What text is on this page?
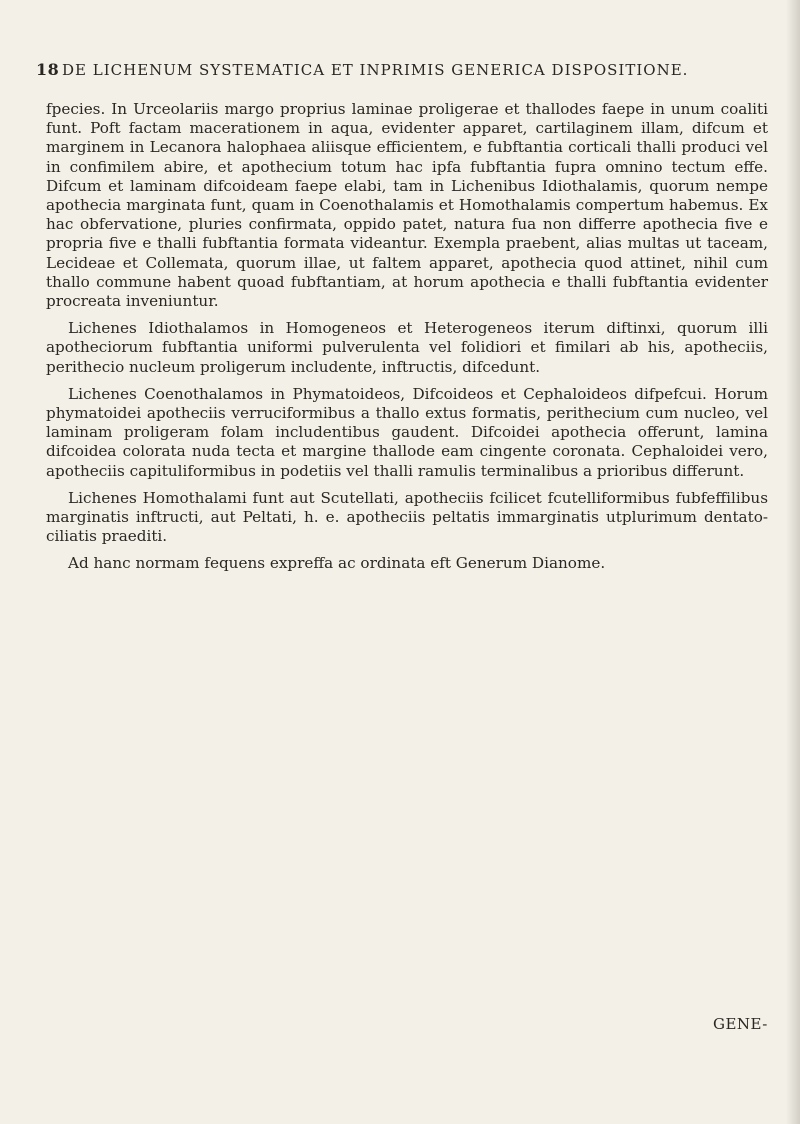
18 DE LICHENUM SYSTEMATICA ET INPRIMIS GENERICA DISPOSITIONE.

fpecies. In Urceolariis margo proprius laminae proligerae et thallodes faepe in unum coaliti funt. Poft factam macerationem in aqua, evidenter apparet, cartilaginem illam, difcum et marginem in Lecanora halophaea aliisque efficientem, e fubftantia corticali thalli produci vel in confimilem abire, et apothecium totum hac ipfa fubftantia fupra omnino tectum effe. Difcum et laminam difcoideam faepe elabi, tam in Lichenibus Idiothalamis, quorum nempe apothecia marginata funt, quam in Coenothalamis et Homothalamis compertum habemus. Ex hac obfervatione, pluries confirmata, oppido patet, natura fua non differre apothecia five e propria five e thalli fubftantia formata videantur. Exempla praebent, alias multas ut taceam, Lecideae et Collemata, quorum illae, ut faltem apparet, apothecia quod attinet, nihil cum thallo commune habent quoad fubftantiam, at horum apothecia e thalli fubftantia evidenter procreata inveniuntur.

Lichenes Idiothalamos in Homogeneos et Heterogeneos iterum diftinxi, quorum illi apotheciorum fubftantia uniformi pulverulenta vel folidiori et fimilari ab his, apotheciis, perithecio nucleum proligerum includente, inftructis, difcedunt.

Lichenes Coenothalamos in Phymatoideos, Difcoideos et Cephaloideos difpefcui. Horum phymatoidei apotheciis verruciformibus a thallo extus formatis, perithecium cum nucleo, vel laminam proligeram folam includentibus gaudent. Difcoidei apothecia offerunt, lamina difcoidea colorata nuda tecta et margine thallode eam cingente coronata. Cephaloidei vero, apotheciis capituliformibus in podetiis vel thalli ramulis terminalibus a prioribus differunt.

Lichenes Homothalami funt aut Scutellati, apotheciis fcilicet fcutelliformibus fubfeffilibus marginatis inftructi, aut Peltati, h. e. apotheciis peltatis immarginatis utplurimum dentato-ciliatis praediti.

Ad hanc normam fequens expreffa ac ordinata eft Generum Dianome.

GENE-
